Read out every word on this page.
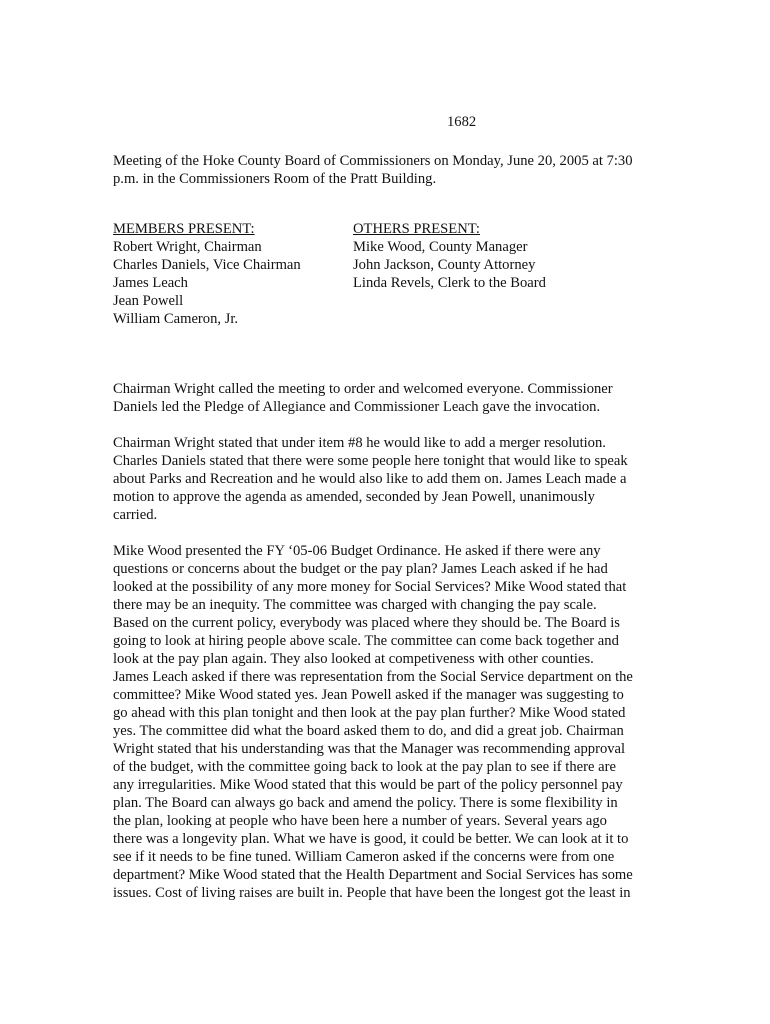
1682

Meeting of the Hoke County Board of Commissioners on Monday, June 20, 2005 at 7:30
p.m. in the Commissioners Room of the Pratt Building.

MEMBERS PRESENT:
Robert Wright, Chairman
Charles Daniels, Vice Chairman
James Leach
Jean Powell
William Cameron, Jr.
OTHERS PRESENT:
Mike Wood, County Manager
John Jackson, County Attorney
Linda Revels, Clerk to the Board

Chairman Wright called the meeting to order and welcomed everyone. Commissioner
Daniels led the Pledge of Allegiance and Commissioner Leach gave the invocation.

Chairman Wright stated that under item #8 he would like to add a merger resolution.
Charles Daniels stated that there were some people here tonight that would like to speak
about Parks and Recreation and he would also like to add them on. James Leach made a
motion to approve the agenda as amended, seconded by Jean Powell, unanimously
carried.

Mike Wood presented the FY ‘05-06 Budget Ordinance. He asked if there were any
questions or concerns about the budget or the pay plan? James Leach asked if he had
looked at the possibility of any more money for Social Services? Mike Wood stated that
there may be an inequity. The committee was charged with changing the pay scale.
Based on the current policy, everybody was placed where they should be. The Board is
going to look at hiring people above scale. The committee can come back together and
look at the pay plan again. They also looked at competiveness with other counties.
James Leach asked if there was representation from the Social Service department on the
committee? Mike Wood stated yes. Jean Powell asked if the manager was suggesting to
go ahead with this plan tonight and then look at the pay plan further? Mike Wood stated
yes. The committee did what the board asked them to do, and did a great job. Chairman
Wright stated that his understanding was that the Manager was recommending approval
of the budget, with the committee going back to look at the pay plan to see if there are
any irregularities. Mike Wood stated that this would be part of the policy personnel pay
plan. The Board can always go back and amend the policy. There is some flexibility in
the plan, looking at people who have been here a number of years. Several years ago
there was a longevity plan. What we have is good, it could be better. We can look at it to
see if it needs to be fine tuned. William Cameron asked if the concerns were from one
department? Mike Wood stated that the Health Department and Social Services has some
issues. Cost of living raises are built in. People that have been the longest got the least in
